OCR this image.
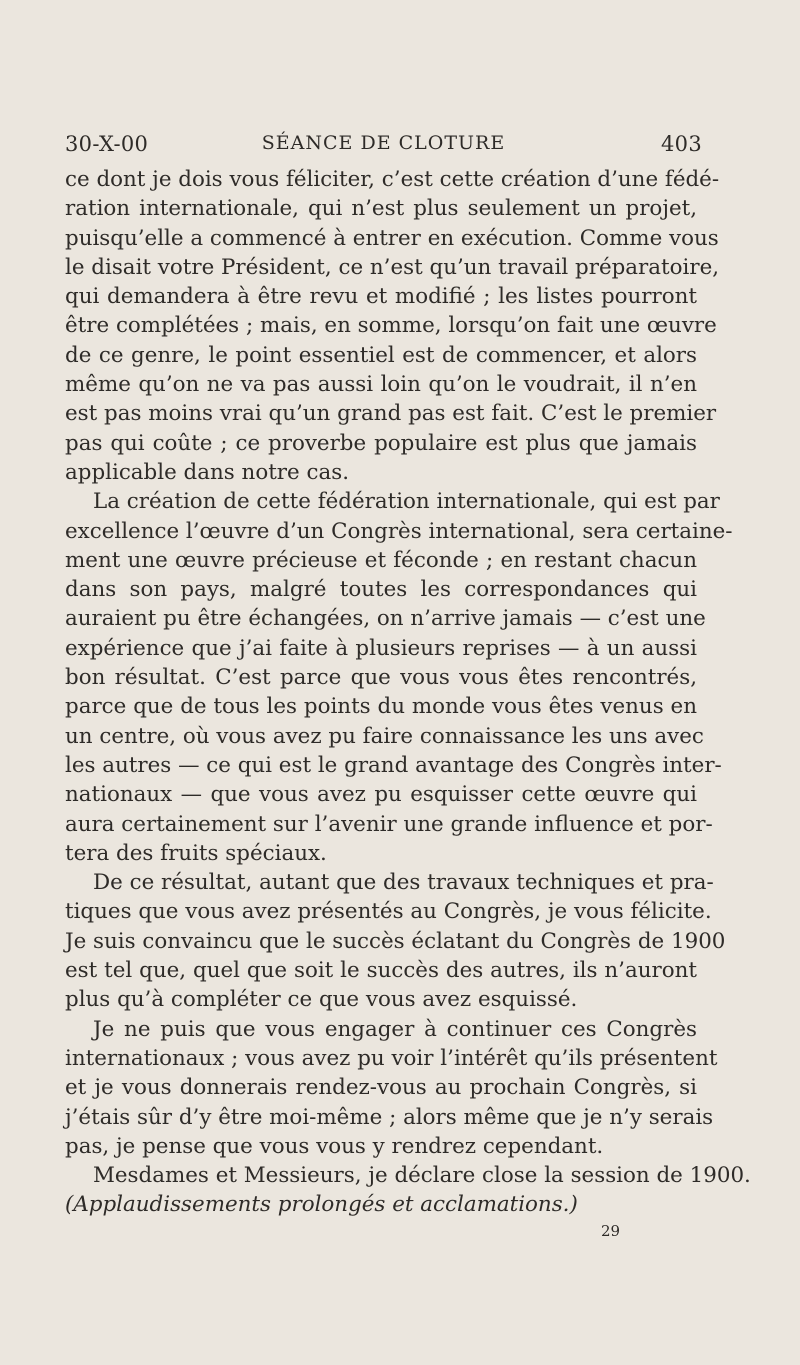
30-X-00	SÉANCE DE CLOTURE	403
ce dont je dois vous féliciter, c’est cette création d’une fédé-
ration internationale, qui n’est plus seulement un projet,
puisqu’elle a commencé à entrer en exécution. Comme vous
le disait votre Président, ce n’est qu’un travail préparatoire,
qui demandera à être revu et modifié ; les listes pourront
être complétées ; mais, en somme, lorsqu’on fait une œuvre
de ce genre, le point essentiel est de commencer, et alors
même qu’on ne va pas aussi loin qu’on le voudrait, il n’en
est pas moins vrai qu’un grand pas est fait. C’est le premier
pas qui coûte ; ce proverbe populaire est plus que jamais
applicable dans notre cas.
La création de cette fédération internationale, qui est par
excellence l’œuvre d’un Congrès international, sera certaine-
ment une œuvre précieuse et féconde ; en restant chacun
dans son pays, malgré toutes les correspondances qui
auraient pu être échangées, on n’arrive jamais — c’est une
expérience que j’ai faite à plusieurs reprises — à un aussi
bon résultat. C’est parce que vous vous êtes rencontrés,
parce que de tous les points du monde vous êtes venus en
un centre, où vous avez pu faire connaissance les uns avec
les autres — ce qui est le grand avantage des Congrès inter-
nationaux — que vous avez pu esquisser cette œuvre qui
aura certainement sur l’avenir une grande influence et por-
tera des fruits spéciaux.
De ce résultat, autant que des travaux techniques et pra-
tiques que vous avez présentés au Congrès, je vous félicite.
Je suis convaincu que le succès éclatant du Congrès de 1900
est tel que, quel que soit le succès des autres, ils n’auront
plus qu’à compléter ce que vous avez esquissé.
Je ne puis que vous engager à continuer ces Congrès
internationaux ; vous avez pu voir l’intérêt qu’ils présentent
et je vous donnerais rendez-vous au prochain Congrès, si
j’étais sûr d’y être moi-même ; alors même que je n’y serais
pas, je pense que vous vous y rendrez cependant.
Mesdames et Messieurs, je déclare close la session de 1900.
(Applaudissements prolongés et acclamations.)
29
